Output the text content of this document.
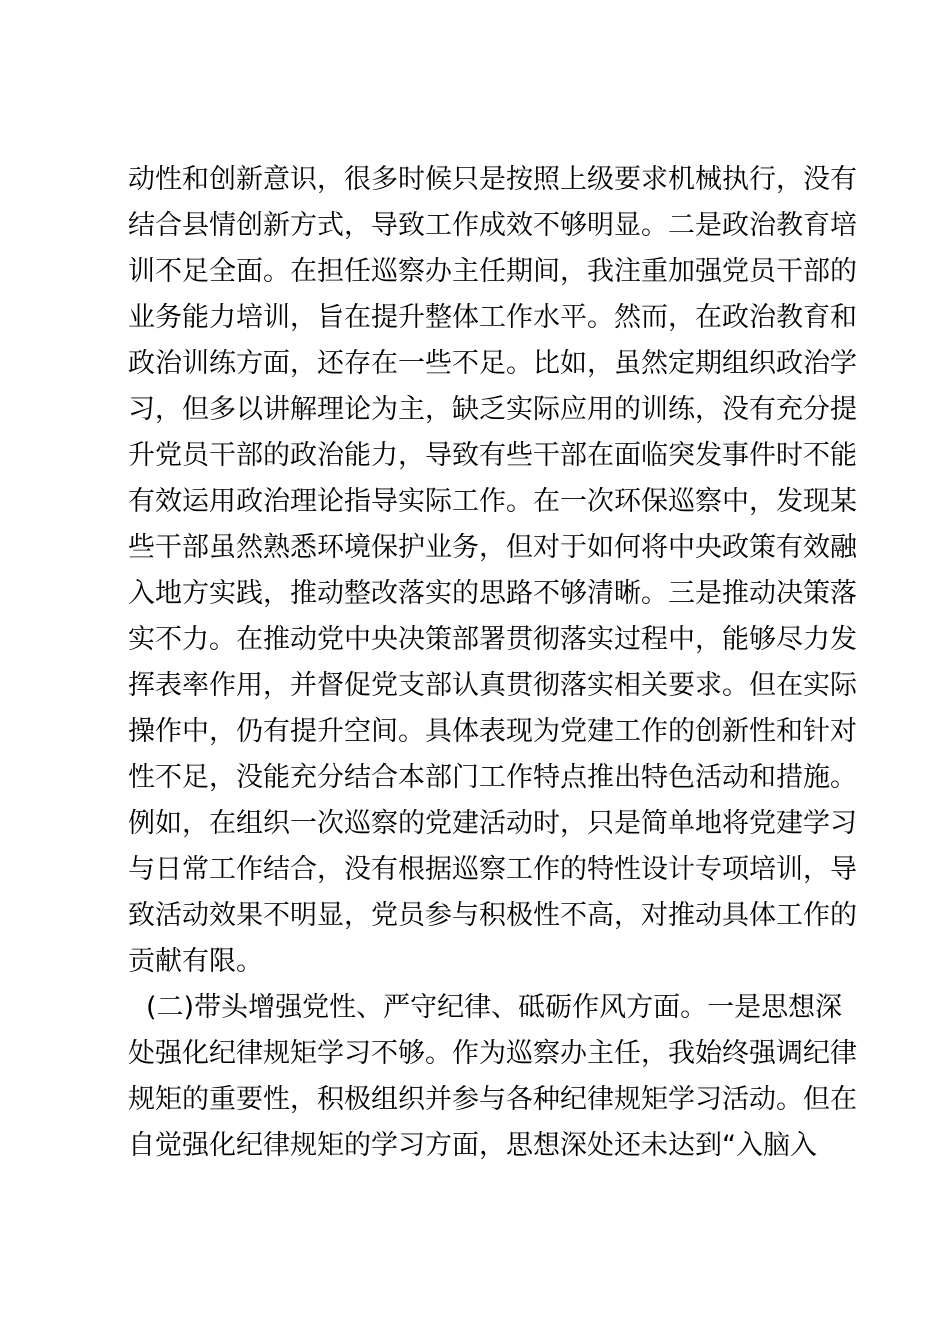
动性和创新意识，很多时候只是按照上级要求机械执行，没有
结合县情创新方式，导致工作成效不够明显。二是政治教育培
训不足全面。在担任巡察办主任期间，我注重加强党员干部的
业务能力培训，旨在提升整体工作水平。然而，在政治教育和
政治训练方面，还存在一些不足。比如，虽然定期组织政治学
习，但多以讲解理论为主，缺乏实际应用的训练，没有充分提
升党员干部的政治能力，导致有些干部在面临突发事件时不能
有效运用政治理论指导实际工作。在一次环保巡察中，发现某
些干部虽然熟悉环境保护业务，但对于如何将中央政策有效融
入地方实践，推动整改落实的思路不够清晰。三是推动决策落
实不力。在推动党中央决策部署贯彻落实过程中，能够尽力发
挥表率作用，并督促党支部认真贯彻落实相关要求。但在实际
操作中，仍有提升空间。具体表现为党建工作的创新性和针对
性不足，没能充分结合本部门工作特点推出特色活动和措施。
例如，在组织一次巡察的党建活动时，只是简单地将党建学习
与日常工作结合，没有根据巡察工作的特性设计专项培训，导
致活动效果不明显，党员参与积极性不高，对推动具体工作的
贡献有限。
(二)带头增强党性、严守纪律、砥砺作风方面。一是思想深
处强化纪律规矩学习不够。作为巡察办主任，我始终强调纪律
规矩的重要性，积极组织并参与各种纪律规矩学习活动。但在
自觉强化纪律规矩的学习方面，思想深处还未达到“入脑入
